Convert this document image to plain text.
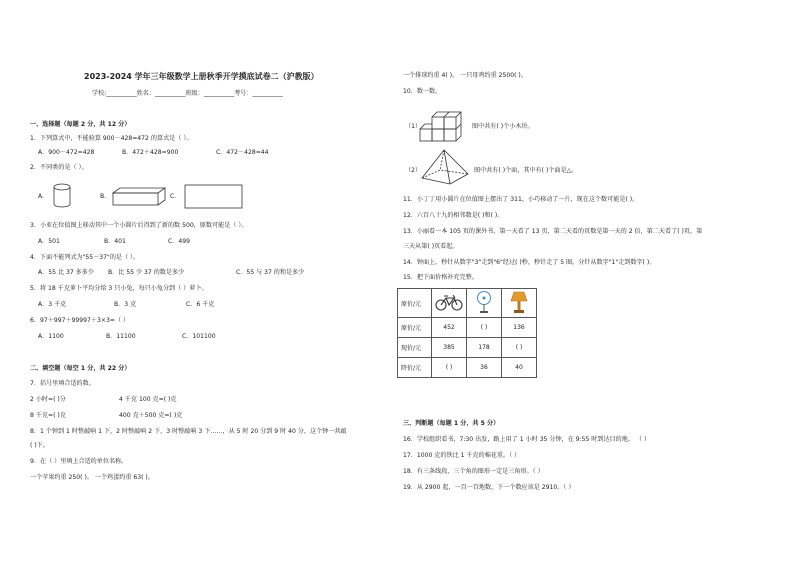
2023-2024 学年三年级数学上册秋季开学摸底试卷二（沪教版）
学校:__________姓名：__________班级：__________考号：__________
一、选择题（每题 2 分，共 12 分）
1．下列算式中，不能验算 900－428=472 的算式是（ ）。
A．900－472=428	B．472＋428=900	C．472－428=44
2．不同类的是（ ）。
A．	B．	C．
3．小亚在位值图上移动其中一个小圆片后得到了新的数 500，原数可能是（ ）。
A．501	B．401	C．499
4．下面不能列式为"55－37"的是（ ）。
A．55 比 37 多多少 B．比 55 少 37 的数是多少	C．55 与 37 的和是多少
5．将 18 千克萝卜平均分给 3 只小兔，每只小兔分到（ ）萝卜。
A．3 千克	B．3 克	C．6 千克
6．97＋997＋99997＋3×3=（ ）
A．1100	B．11100	C．101100
二、填空题（每空 1 分，共 22 分）
7．括号里填合适的数。
2 小时=( )分	4 千克 100 克=( )克
8 千克=( )克	400 克＋500 克=( )克
8．1 个钟到 1 时整敲响 1 下，2 时整敲响 2 下，3 时整敲响 3 下……，从 5 时 20 分到 9 时 40 分，这个钟一共敲
( )下。
9．在（ ）里填上合适的单位名称。
一个苹果约重 250( )。 一个鸡蛋约重 63( )。
一个排球约重 4( )。 一只母鸡约重 2500( )。
10．数一数。
（1）	图中共有( )个小木块。
（2）	图中共有( )个面，其中有( )个面是△。
11．小丁丁用小圆片在位值图上摆出了 311，小巧移动了一片，现在这个数可能是( )。
12．六百八十九的相邻数是( )和( )。
13．小丽看一本 105 页的课外书，第一天看了 13 页，第二天看的页数是第一天的 2 倍，第二天看了( )页，第
三天从第( )页看起。
14．钟面上，秒针从数字"3"走到"6"经过( )秒，秒针走了 5 圈，分针从数字"1"走到数字( )。
15．把下面价格补充完整。
原价/元			
原价/元	452	( )	136
现价/元	385	178	( )
降价/元	( )	36	40
三、判断题（每题 1 分，共 5 分）
16．学校组织看书，7:30 出发，路上用了 1 小时 35 分钟，在 9:55 时到达目的地。 （ ）
17．1000 克的铁比 1 千克的棉花重。（ ）
18．有三条线段、三个角的图形一定是三角形。（ ）
19．从 2900 起，一百一百地数，下一个数应该是 2910。（ ）
